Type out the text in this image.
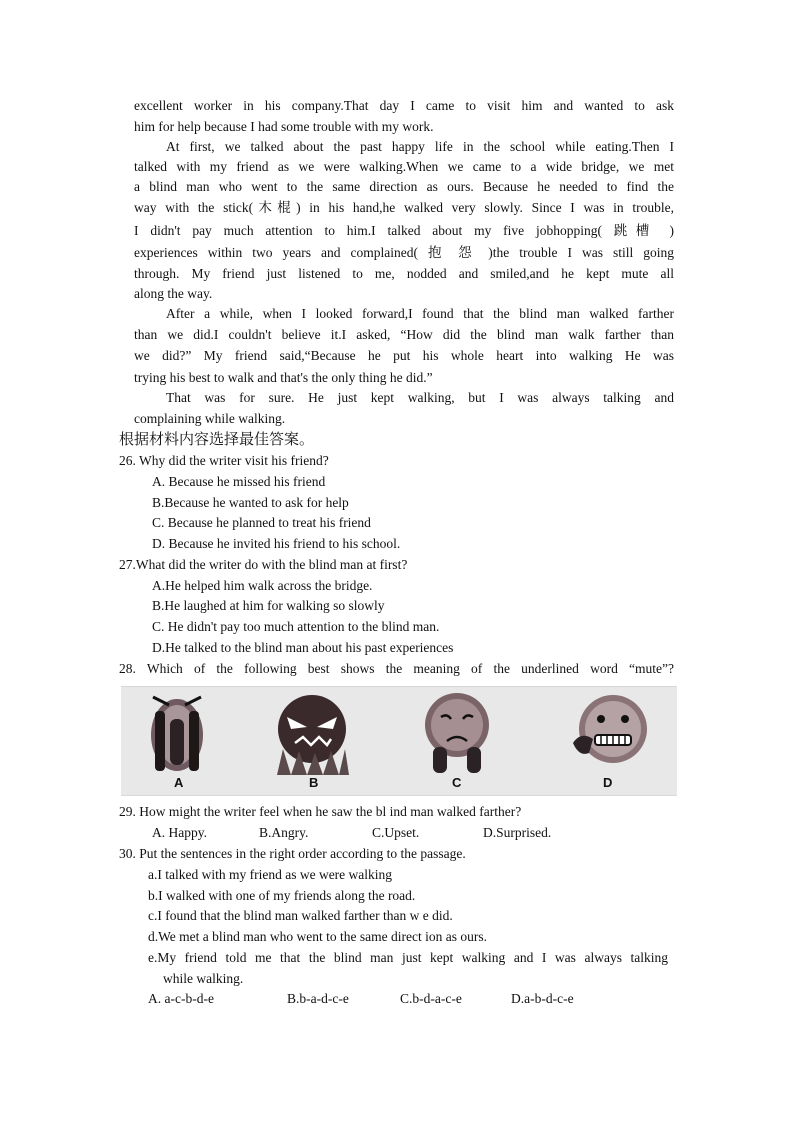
excellent worker in his company.That day I came to visit him and wanted to ask
him for help because I had some trouble with my work.
At first, we talked about the past happy life in the school while eating.Then I
talked with my friend as we were walking.When we came to a wide bridge, we met
a blind man who went to the same direction as ours. Because he needed to find the
way with the stick(木棍) in his hand,he walked very slowly. Since I was in trouble,
I didn't pay much attention to him.I talked about my five jobhopping( 跳槽 )
experiences within two years and complained( 抱 怨 )the trouble I was still going
through. My friend just listened to me, nodded and smiled,and he kept mute all
along the way.
After a while, when I looked forward,I found that the blind man walked farther
than we did.I couldn't believe it.I asked, “How did the blind man walk farther than
we did?” My friend said,“Because he put his whole heart into walking He was
trying his best to walk and that's the only thing he did.”
That was for sure. He just kept walking, but I was always talking and
complaining while walking.
根据材料内容选择最佳答案。
26. Why did the writer visit his friend?
A. Because he missed his friend
B.Because he wanted to ask for help
C. Because he planned to treat his friend
D. Because he invited his friend to his school.
27.What did the writer do with the blind man at first?
A.He helped him walk across the bridge.
B.He laughed at him for walking so slowly
C. He didn't pay too much attention to the blind man.
D.He talked to the blind man about his past experiences
28. Which of the following best shows the meaning of the underlined word “mute”?
A	B	C	D
29. How might the writer feel when he saw the bl ind man walked farther?
A. Happy.	B.Angry.	C.Upset.	D.Surprised.
30. Put the sentences in the right order according to the passage.
a.I talked with my friend as we were walking
b.I walked with one of my friends along the road.
c.I found that the blind man walked farther than w e did.
d.We met a blind man who went to the same direct ion as ours.
e.My friend told me that the blind man just kept walking and I was always talking
while walking.
A. a-c-b-d-e	B.b-a-d-c-e	C.b-d-a-c-e	D.a-b-d-c-e
